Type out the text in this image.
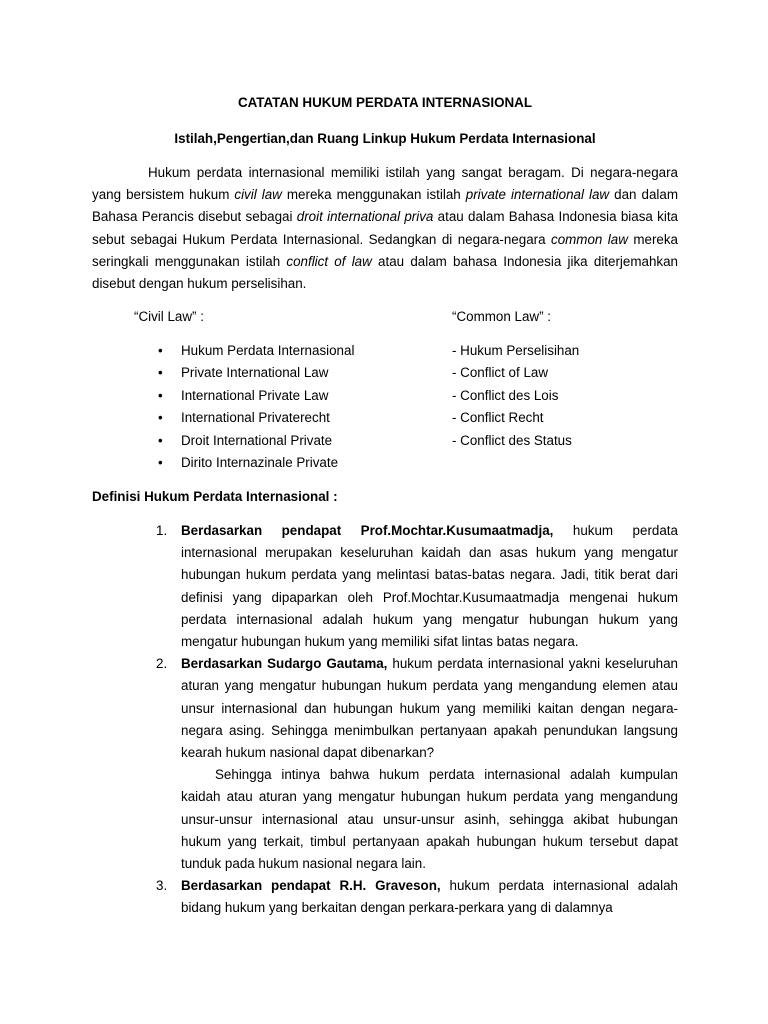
CATATAN HUKUM PERDATA INTERNASIONAL
Istilah,Pengertian,dan Ruang Linkup Hukum Perdata Internasional
Hukum perdata internasional memiliki istilah yang sangat beragam. Di negara-negara yang bersistem hukum civil law mereka menggunakan istilah private international law dan dalam Bahasa Perancis disebut sebagai droit international priva atau dalam Bahasa Indonesia biasa kita sebut sebagai Hukum Perdata Internasional. Sedangkan di negara-negara common law mereka seringkali menggunakan istilah conflict of law atau dalam bahasa Indonesia jika diterjemahkan disebut dengan hukum perselisihan.
“Civil Law” :	“Common Law” :
• Hukum Perdata Internasional
• Private International Law
• International Private Law
• International Privaterecht
• Droit International Private
• Dirito Internazinale Private
- Hukum Perselisihan
- Conflict of Law
- Conflict des Lois
- Conflict Recht
- Conflict des Status
Definisi Hukum Perdata Internasional :
1. Berdasarkan pendapat Prof.Mochtar.Kusumaatmadja, hukum perdata internasional merupakan keseluruhan kaidah dan asas hukum yang mengatur hubungan hukum perdata yang melintasi batas-batas negara. Jadi, titik berat dari definisi yang dipaparkan oleh Prof.Mochtar.Kusumaatmadja mengenai hukum perdata internasional adalah hukum yang mengatur hubungan hukum yang mengatur hubungan hukum yang memiliki sifat lintas batas negara.
2. Berdasarkan Sudargo Gautama, hukum perdata internasional yakni keseluruhan aturan yang mengatur hubungan hukum perdata yang mengandung elemen atau unsur internasional dan hubungan hukum yang memiliki kaitan dengan negara-negara asing. Sehingga menimbulkan pertanyaan apakah penundukan langsung kearah hukum nasional dapat dibenarkan?
Sehingga intinya bahwa hukum perdata internasional adalah kumpulan kaidah atau aturan yang mengatur hubungan hukum perdata yang mengandung unsur-unsur internasional atau unsur-unsur asinh, sehingga akibat hubungan hukum yang terkait, timbul pertanyaan apakah hubungan hukum tersebut dapat tunduk pada hukum nasional negara lain.
3. Berdasarkan pendapat R.H. Graveson, hukum perdata internasional adalah bidang hukum yang berkaitan dengan perkara-perkara yang di dalamnya
